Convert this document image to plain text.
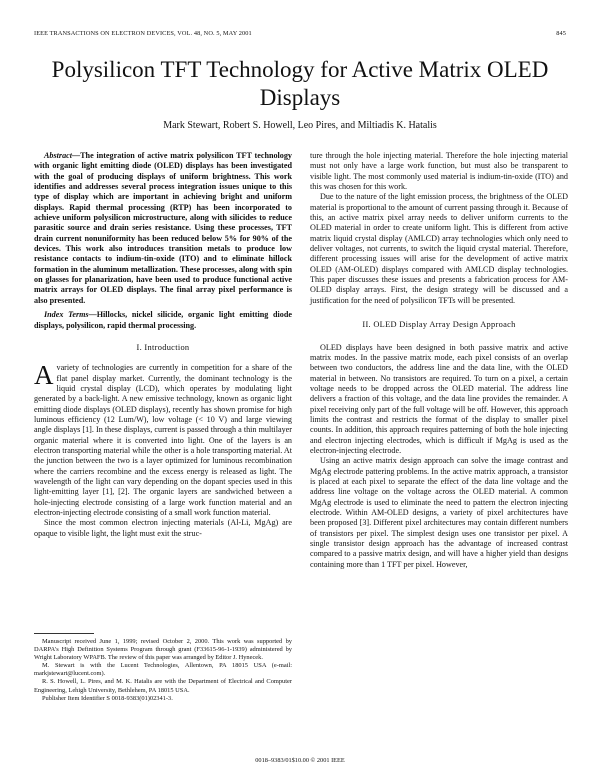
IEEE TRANSACTIONS ON ELECTRON DEVICES, VOL. 48, NO. 5, MAY 2001	845
Polysilicon TFT Technology for Active Matrix OLED Displays
Mark Stewart, Robert S. Howell, Leo Pires, and Miltiadis K. Hatalis

Abstract—The integration of active matrix polysilicon TFT technology with organic light emitting diode (OLED) displays has been investigated with the goal of producing displays of uniform brightness. This work identifies and addresses several process integration issues unique to this type of display which are important in achieving bright and uniform displays. Rapid thermal processing (RTP) has been incorporated to achieve uniform polysilicon microstructure, along with silicides to reduce parasitic source and drain series resistance. Using these processes, TFT drain current nonuniformity has been reduced below 5% for 90% of the devices. This work also introduces transition metals to produce low resistance contacts to indium-tin-oxide (ITO) and to eliminate hillock formation in the aluminum metallization. These processes, along with spin on glasses for planarization, have been used to produce functional active matrix arrays for OLED displays. The final array pixel performance is also presented.

Index Terms—Hillocks, nickel silicide, organic light emitting diode displays, polysilicon, rapid thermal processing.

I. Introduction

Avariety of technologies are currently in competition for a share of the flat panel display market. Currently, the dominant technology is the liquid crystal display (LCD), which operates by modulating light generated by a back-light. A new emissive technology, known as organic light emitting diode displays (OLED displays), recently has shown promise for high luminous efficiency (12 Lum/W), low voltage (< 10 V) and large viewing angle displays [1]. In these displays, current is passed through a thin multilayer organic material where it is converted into light. One of the layers is an electron transporting material while the other is a hole transporting material. At the junction between the two is a layer optimized for luminous recombination where the carriers recombine and the excess energy is released as light. The wavelength of the light can vary depending on the dopant species used in this light-emitting layer [1], [2]. The organic layers are sandwiched between a hole-injecting electrode consisting of a large work function material and an electron-injecting electrode consisting of a small work function material.

Since the most common electron injecting materials (Al-Li, MgAg) are opaque to visible light, the light must exit the struc-

Manuscript received June 1, 1999; revised October 2, 2000. This work was supported by DARPA's High Definition Systems Program through grant (F33615-96-1-1939) administered by Wright Laboratory WPAFB. The review of this paper was arranged by Editor J. Hynecek.

M. Stewart is with the Lucent Technologies, Allentown, PA 18015 USA (e-mail: markjstewart@lucent.com).

R. S. Howell, L. Pires, and M. K. Hatalis are with the Department of Electrical and Computer Engineering, Lehigh University, Bethlehem, PA 18015 USA.

Publisher Item Identifier S 0018-9383(01)02341-3.

ture through the hole injecting material. Therefore the hole injecting material must not only have a large work function, but must also be transparent to visible light. The most commonly used material is indium-tin-oxide (ITO) and this was chosen for this work.

Due to the nature of the light emission process, the brightness of the OLED material is proportional to the amount of current passing through it. Because of this, an active matrix pixel array needs to deliver uniform currents to the OLED material in order to create uniform light. This is different from active matrix liquid crystal display (AMLCD) array technologies which only need to deliver voltages, not currents, to switch the liquid crystal material. Therefore, different processing issues will arise for the development of active matrix OLED (AM-OLED) displays compared with AMLCD display technologies. This paper discusses these issues and presents a fabrication process for AM-OLED display arrays. First, the design strategy will be discussed and a justification for the need of polysilicon TFTs will be presented.

II. OLED Display Array Design Approach

OLED displays have been designed in both passive matrix and active matrix modes. In the passive matrix mode, each pixel consists of an overlap between two conductors, the address line and the data line, with the OLED material in between. No transistors are required. To turn on a pixel, a certain voltage needs to be dropped across the OLED material. The address line delivers a fraction of this voltage, and the data line provides the remainder. A pixel receiving only part of the full voltage will be off. However, this approach limits the contrast and restricts the format of the display to smaller pixel counts. In addition, this approach requires patterning of both the hole injecting and electron injecting electrodes, which is difficult if MgAg is used as the electron-injecting electrode.

Using an active matrix design approach can solve the image contrast and MgAg electrode pattering problems. In the active matrix approach, a transistor is placed at each pixel to separate the effect of the data line voltage and the address line voltage on the voltage across the OLED material. A common MgAg electrode is used to eliminate the need to pattern the electron injecting electrode. Within AM-OLED designs, a variety of pixel architectures have been proposed [3]. Different pixel architectures may contain different numbers of transistors per pixel. The simplest design uses one transistor per pixel. A single transistor design approach has the advantage of increased contrast compared to a passive matrix design, and will have a higher yield than designs containing more than 1 TFT per pixel. However,

0018–9383/01$10.00 © 2001 IEEE
